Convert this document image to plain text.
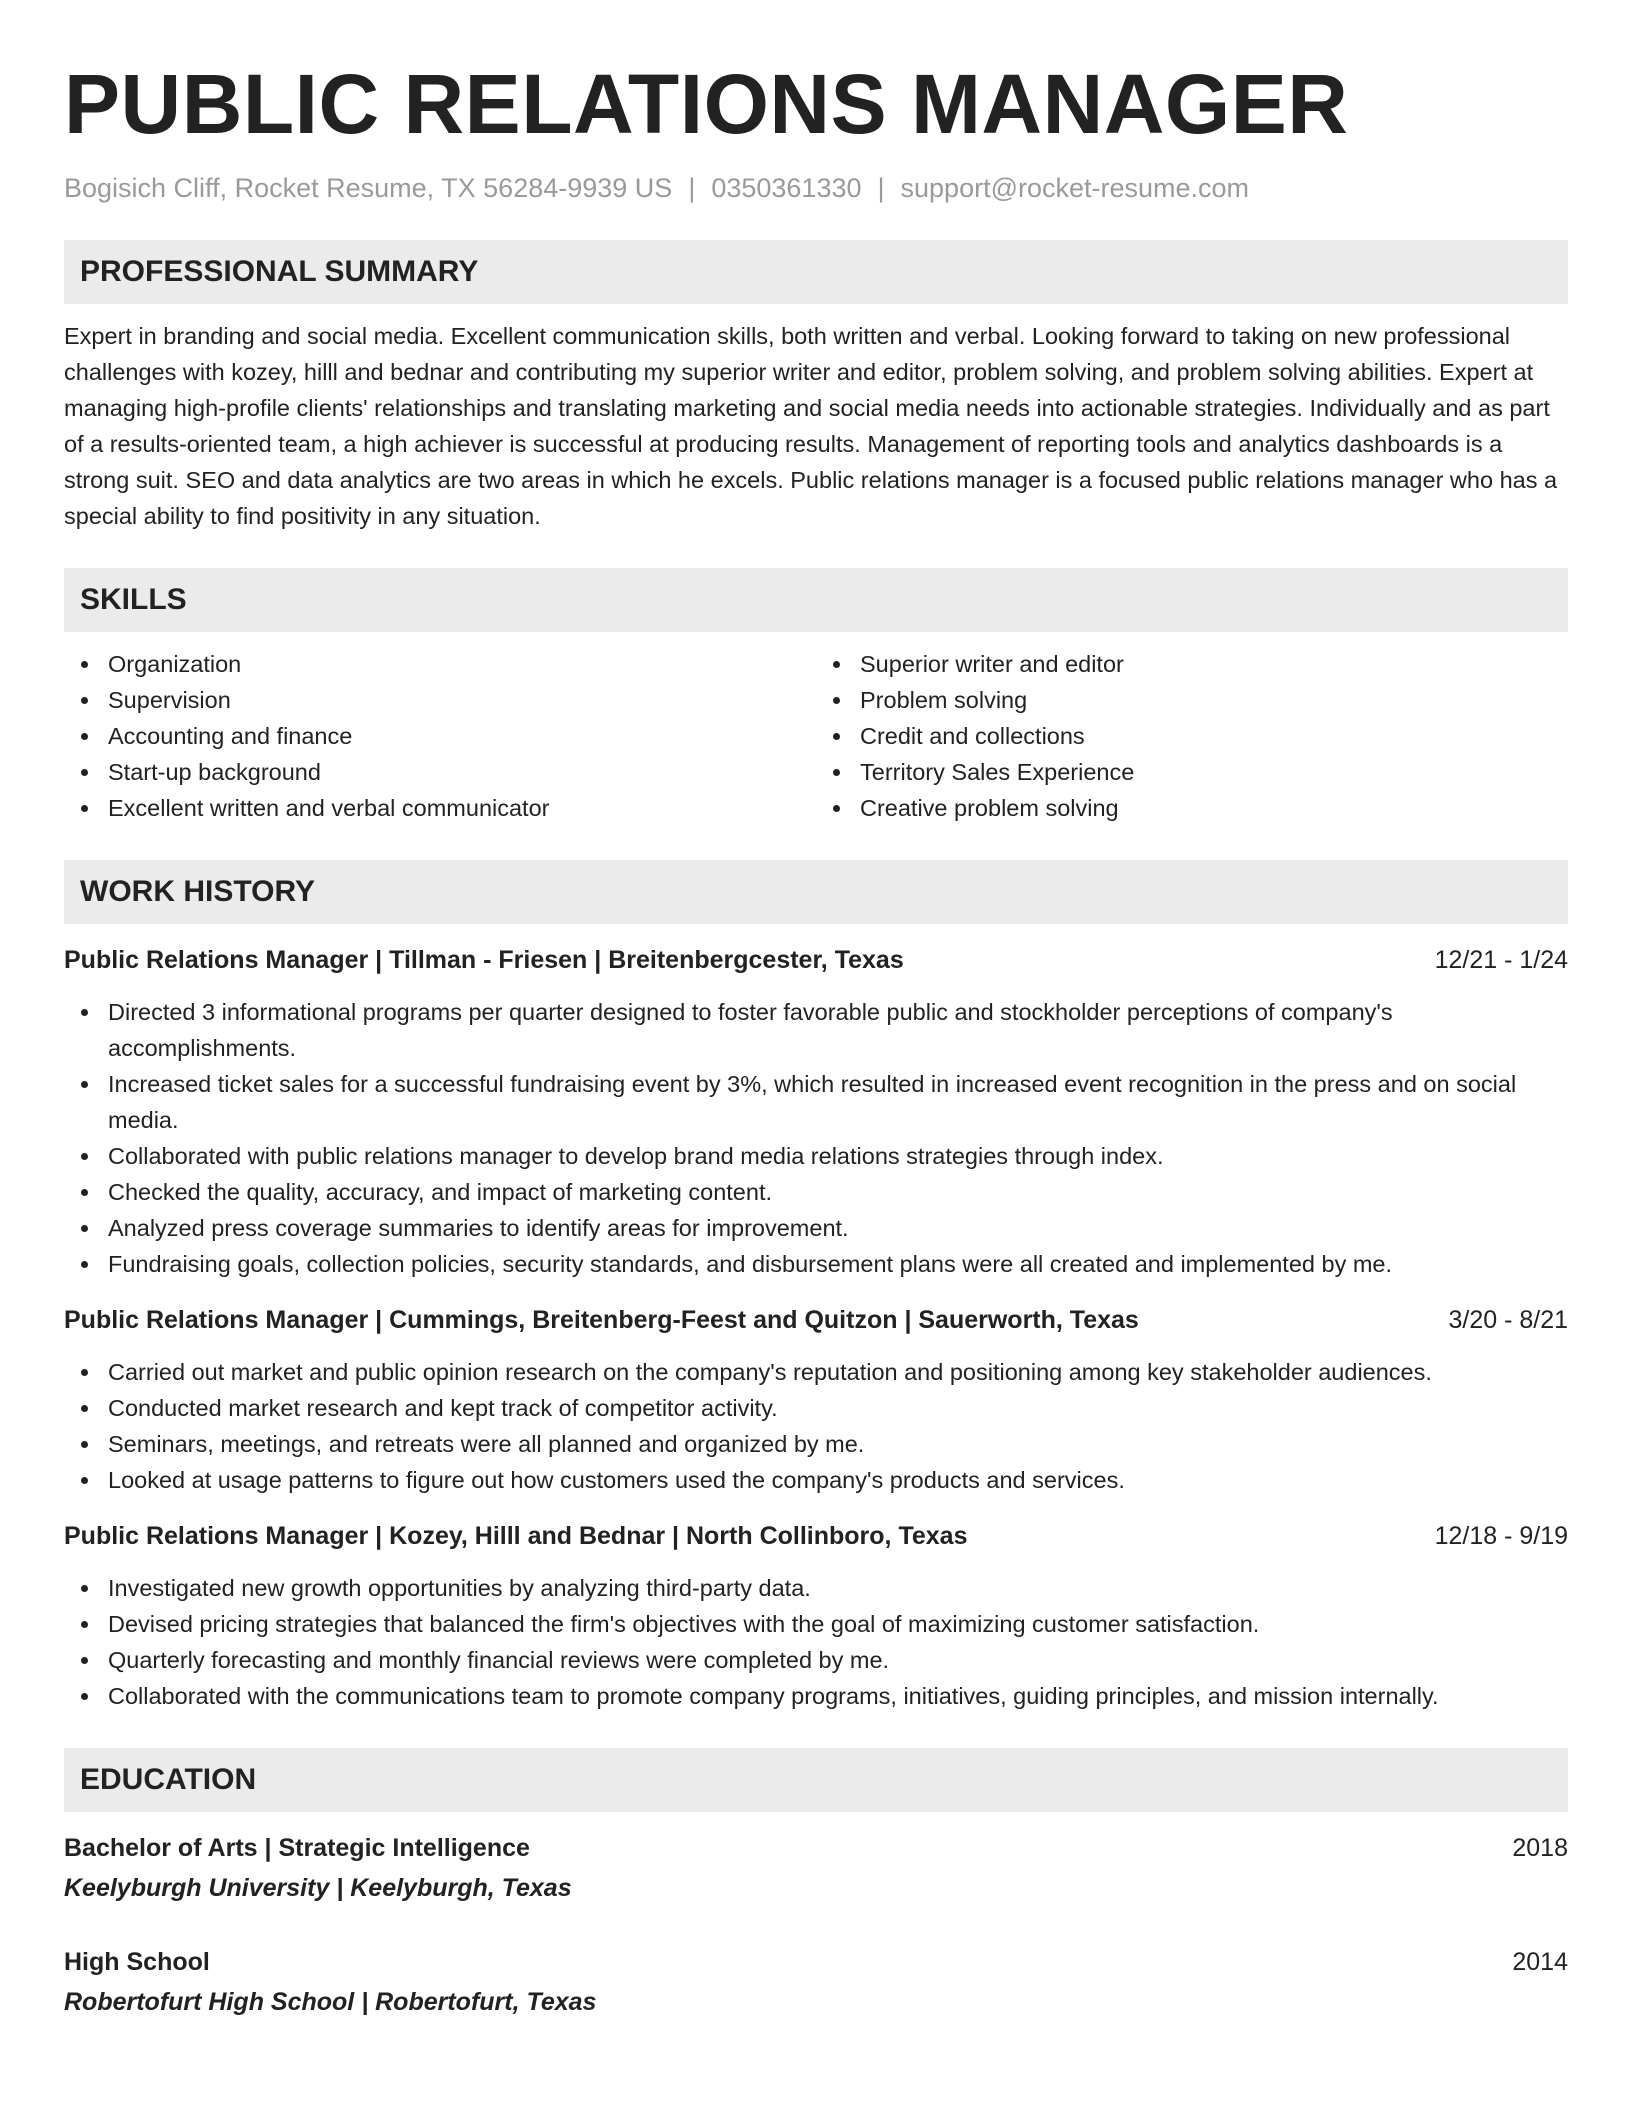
PUBLIC RELATIONS MANAGER
Bogisich Cliff, Rocket Resume, TX 56284-9939 US | 0350361330 | support@rocket-resume.com
PROFESSIONAL SUMMARY
Expert in branding and social media. Excellent communication skills, both written and verbal. Looking forward to taking on new professional challenges with kozey, hilll and bednar and contributing my superior writer and editor, problem solving, and problem solving abilities. Expert at managing high-profile clients' relationships and translating marketing and social media needs into actionable strategies. Individually and as part of a results-oriented team, a high achiever is successful at producing results. Management of reporting tools and analytics dashboards is a strong suit. SEO and data analytics are two areas in which he excels. Public relations manager is a focused public relations manager who has a special ability to find positivity in any situation.
SKILLS
Organization
Supervision
Accounting and finance
Start-up background
Excellent written and verbal communicator
Superior writer and editor
Problem solving
Credit and collections
Territory Sales Experience
Creative problem solving
WORK HISTORY
Public Relations Manager | Tillman - Friesen | Breitenbergcester, Texas	12/21 - 1/24
Directed 3 informational programs per quarter designed to foster favorable public and stockholder perceptions of company's accomplishments.
Increased ticket sales for a successful fundraising event by 3%, which resulted in increased event recognition in the press and on social media.
Collaborated with public relations manager to develop brand media relations strategies through index.
Checked the quality, accuracy, and impact of marketing content.
Analyzed press coverage summaries to identify areas for improvement.
Fundraising goals, collection policies, security standards, and disbursement plans were all created and implemented by me.
Public Relations Manager | Cummings, Breitenberg-Feest and Quitzon | Sauerworth, Texas	3/20 - 8/21
Carried out market and public opinion research on the company's reputation and positioning among key stakeholder audiences.
Conducted market research and kept track of competitor activity.
Seminars, meetings, and retreats were all planned and organized by me.
Looked at usage patterns to figure out how customers used the company's products and services.
Public Relations Manager | Kozey, Hilll and Bednar | North Collinboro, Texas	12/18 - 9/19
Investigated new growth opportunities by analyzing third-party data.
Devised pricing strategies that balanced the firm's objectives with the goal of maximizing customer satisfaction.
Quarterly forecasting and monthly financial reviews were completed by me.
Collaborated with the communications team to promote company programs, initiatives, guiding principles, and mission internally.
EDUCATION
Bachelor of Arts | Strategic Intelligence	2018
Keelyburgh University | Keelyburgh, Texas
High School	2014
Robertofurt High School | Robertofurt, Texas
